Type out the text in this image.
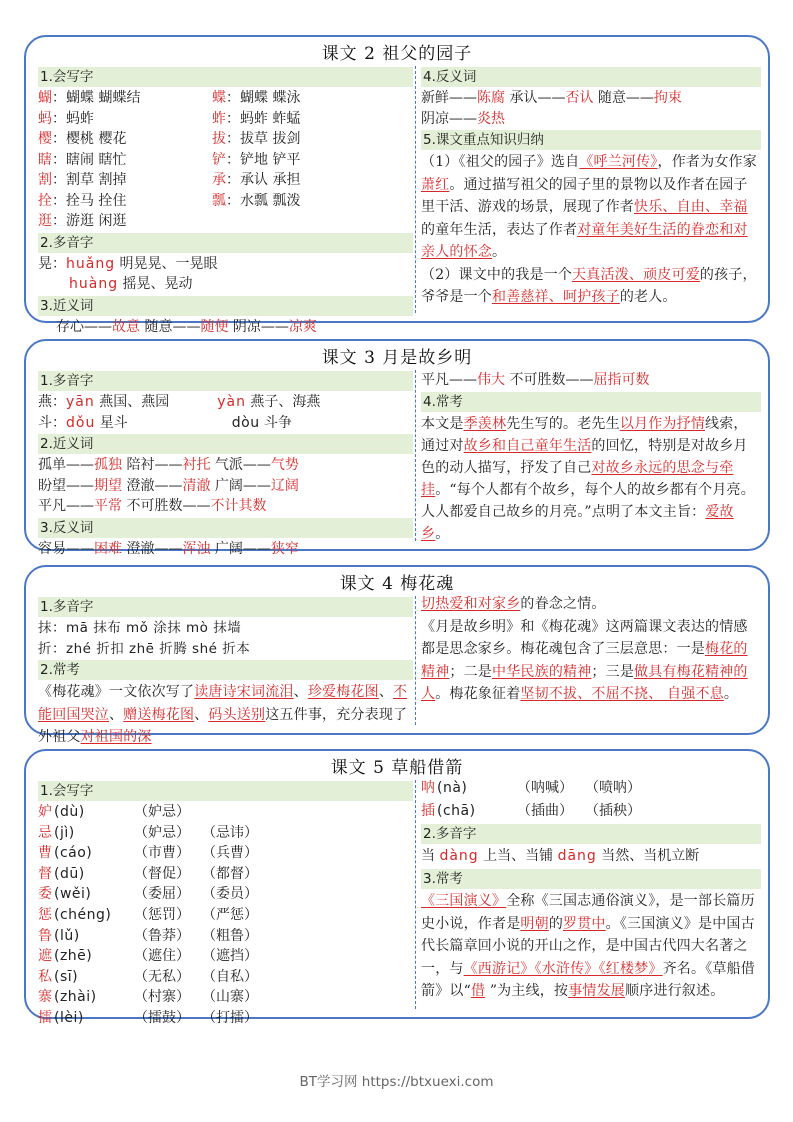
课文 2 祖父的园子
1.会写字
蝴：蝴蝶 蝴蝶结	蝶：蝴蝶 蝶泳
蚂：蚂蚱	蚱：蚂蚱 蚱蜢
樱：樱桃 樱花	拔：拔草 拔剑
瞎：瞎闹 瞎忙	铲：铲地 铲平
割：割草 割掉	承：承认 承担
拴：拴马 拴住	瓢：水瓢 瓢泼
逛：游逛 闲逛
2.多音字
晃：huǎng 明晃晃、一晃眼
huàng 摇晃、晃动
3.近义词
存心——故意 随意——随便 阴凉——凉爽
4.反义词
新鲜——陈腐 承认——否认 随意——拘束
阴凉——炎热
5.课文重点知识归纳
（1）《祖父的园子》选自《呼兰河传》，作者为女作家萧红。通过描写祖父的园子里的景物以及作者在园子里干活、游戏的场景，展现了作者快乐、自由、幸福的童年生活，表达了作者对童年美好生活的眷恋和对亲人的怀念。
（2）课文中的我是一个天真活泼、顽皮可爱的孩子，爷爷是一个和善慈祥、呵护孩子的老人。
课文 3 月是故乡明
1.多音字
燕：yān 燕国、燕园	yàn 燕子、海燕
斗：dǒu 星斗	dòu 斗争
2.近义词
孤单——孤独 陪衬——衬托 气派——气势
盼望——期望 澄澈——清澈 广阔——辽阔
平凡——平常 不可胜数——不计其数
3.反义词
容易——困难 澄澈——浑浊 广阔——狭窄
平凡——伟大 不可胜数——屈指可数
4.常考
本文是季羡林先生写的。老先生以月作为抒情线索，通过对故乡和自己童年生活的回忆，特别是对故乡月色的动人描写，抒发了自己对故乡永远的思念与牵挂。“每个人都有个故乡，每个人的故乡都有个月亮。人人都爱自己故乡的月亮。”点明了本文主旨：爱故乡。
课文 4 梅花魂
1.多音字
抹：mā 抹布 mǒ 涂抹 mò 抹墙
折：zhé 折扣 zhē 折腾 shé 折本
2.常考
《梅花魂》一文依次写了读唐诗宋词流泪、珍爱梅花图、不能回国哭泣、赠送梅花图、码头送别这五件事，充分表现了外祖父对祖国的深
切热爱和对家乡的眷念之情。
《月是故乡明》和《梅花魂》这两篇课文表达的情感都是思念家乡。梅花魂包含了三层意思：一是梅花的精神；二是中华民族的精神；三是做具有梅花精神的人。梅花象征着坚韧不拔、不屈不挠、 自强不息。
课文 5 草船借箭
1.会写字
妒 (dù)	（妒忌）
忌 (jì)	（妒忌） （忌讳）
曹 (cáo)	（市曹） （兵曹）
督 (dū)	（督促） （都督）
委 (wěi)	（委屈） （委员）
惩 (chéng) （惩罚） （严惩）
鲁 (lǔ)	（鲁莽） （粗鲁）
遮 (zhē)	（遮住） （遮挡）
私 (sī)	（无私） （自私）
寨 (zhài)	（村寨） （山寨）
擂 (lèi)	（擂鼓） （打擂）
呐 (nà)	（呐喊） （喷呐）
插 (chā)	（插曲） （插秧）
2.多音字
当 dàng 上当、当铺 dāng 当然、当机立断
3.常考
《三国演义》全称《三国志通俗演义》，是一部长篇历史小说，作者是明朝的罗贯中。《三国演义》是中国古代长篇章回小说的开山之作，是中国古代四大名著之一，与《西游记》《水浒传》《红楼梦》齐名。《草船借箭》以“借 ”为主线，按事情发展顺序进行叙述。
BT学习网 https://btxuexi.com
